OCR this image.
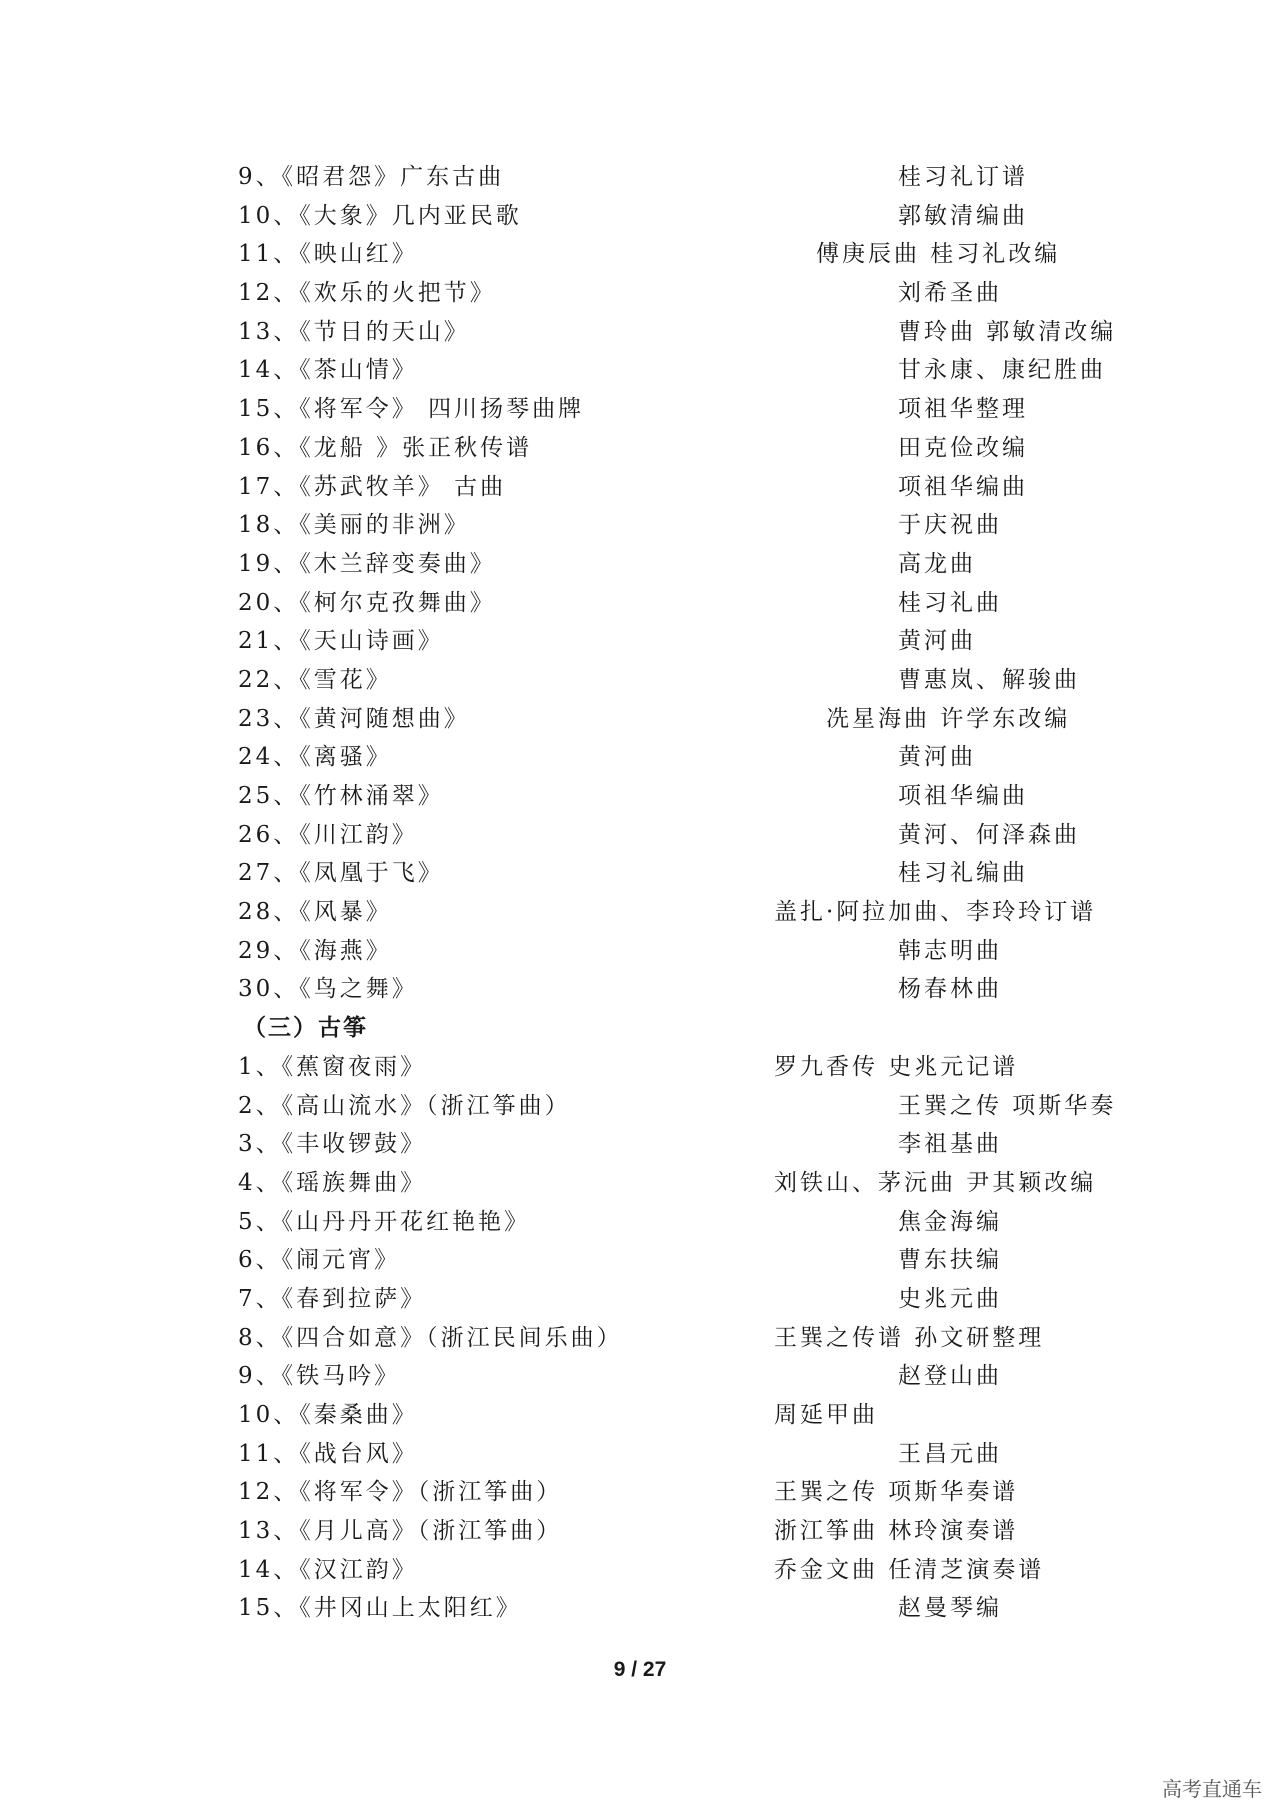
9、《昭君怨》广东古曲	桂习礼订谱
10、《大象》几内亚民歌	郭敏清编曲
11、《映山红》	傅庚辰曲 桂习礼改编
12、《欢乐的火把节》	刘希圣曲
13、《节日的天山》	曹玲曲 郭敏清改编
14、《茶山情》	甘永康、康纪胜曲
15、《将军令》 四川扬琴曲牌	项祖华整理
16、《龙船 》张正秋传谱	田克俭改编
17、《苏武牧羊》 古曲	项祖华编曲
18、《美丽的非洲》	于庆祝曲
19、《木兰辞变奏曲》	高龙曲
20、《柯尔克孜舞曲》	桂习礼曲
21、《天山诗画》	黄河曲
22、《雪花》	曹惠岚、解骏曲
23、《黄河随想曲》	冼星海曲 许学东改编
24、《离骚》	黄河曲
25、《竹林涌翠》	项祖华编曲
26、《川江韵》	黄河、何泽森曲
27、《凤凰于飞》	桂习礼编曲
28、《风暴》	盖扎·阿拉加曲、李玲玲订谱
29、《海燕》	韩志明曲
30、《鸟之舞》	杨春林曲
（三）古筝
1、《蕉窗夜雨》	罗九香传 史兆元记谱
2、《高山流水》（浙江筝曲）	王巽之传 项斯华奏
3、《丰收锣鼓》	李祖基曲
4、《瑶族舞曲》	刘铁山、茅沅曲 尹其颖改编
5、《山丹丹开花红艳艳》	焦金海编
6、《闹元宵》	曹东扶编
7、《春到拉萨》	史兆元曲
8、《四合如意》（浙江民间乐曲）	王巽之传谱 孙文研整理
9、《铁马吟》	赵登山曲
10、《秦桑曲》	周延甲曲
11、《战台风》	王昌元曲
12、《将军令》（浙江筝曲）	王巽之传 项斯华奏谱
13、《月儿高》（浙江筝曲）	浙江筝曲 林玲演奏谱
14、《汉江韵》	乔金文曲 任清芝演奏谱
15、《井冈山上太阳红》	赵曼琴编
9 / 27
高考直通车
